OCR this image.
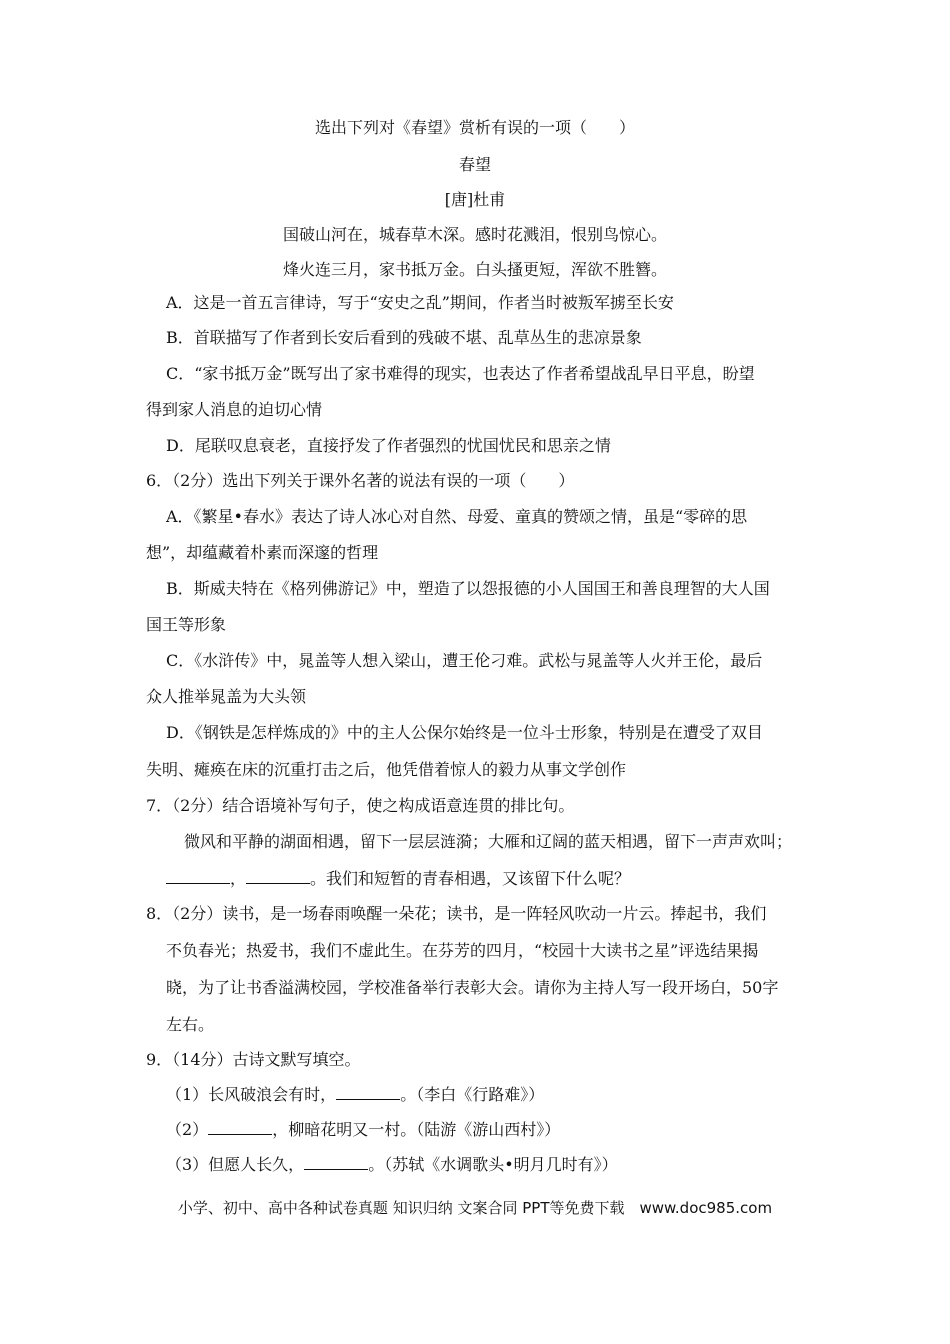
选出下列对《春望》赏析有误的一项（　　）
春望
[唐]杜甫
国破山河在，城春草木深。感时花溅泪，恨别鸟惊心。
烽火连三月，家书抵万金。白头搔更短，浑欲不胜簪。
A．这是一首五言律诗，写于“安史之乱”期间，作者当时被叛军掳至长安
B．首联描写了作者到长安后看到的残破不堪、乱草丛生的悲凉景象
C．“家书抵万金”既写出了家书难得的现实，也表达了作者希望战乱早日平息，盼望
得到家人消息的迫切心情
D．尾联叹息衰老，直接抒发了作者强烈的忧国忧民和思亲之情
6．（2分）选出下列关于课外名著的说法有误的一项（　　）
A．《繁星•春水》表达了诗人冰心对自然、母爱、童真的赞颂之情，虽是“零碎的思
想”，却蕴藏着朴素而深邃的哲理
B．斯威夫特在《格列佛游记》中，塑造了以怨报德的小人国国王和善良理智的大人国
国王等形象
C．《水浒传》中，晁盖等人想入梁山，遭王伦刁难。武松与晁盖等人火并王伦，最后
众人推举晁盖为大头领
D．《钢铁是怎样炼成的》中的主人公保尔始终是一位斗士形象，特别是在遭受了双目
失明、瘫痪在床的沉重打击之后，他凭借着惊人的毅力从事文学创作
7．（2分）结合语境补写句子，使之构成语意连贯的排比句。
微风和平静的湖面相遇，留下一层层涟漪；大雁和辽阔的蓝天相遇，留下一声声欢叫；
，	。我们和短暂的青春相遇，又该留下什么呢？
8．（2分）读书，是一场春雨唤醒一朵花；读书，是一阵轻风吹动一片云。捧起书，我们
不负春光；热爱书，我们不虚此生。在芬芳的四月，“校园十大读书之星”评选结果揭
晓，为了让书香溢满校园，学校准备举行表彰大会。请你为主持人写一段开场白，50字
左右。
9．（14分）古诗文默写填空。
（1）长风破浪会有时，	。（李白《行路难》）
（2）	，柳暗花明又一村。（陆游《游山西村》）
（3）但愿人长久，	。（苏轼《水调歌头•明月几时有》）
小学、初中、高中各种试卷真题 知识归纳 文案合同 PPT等免费下载　www.doc985.com
